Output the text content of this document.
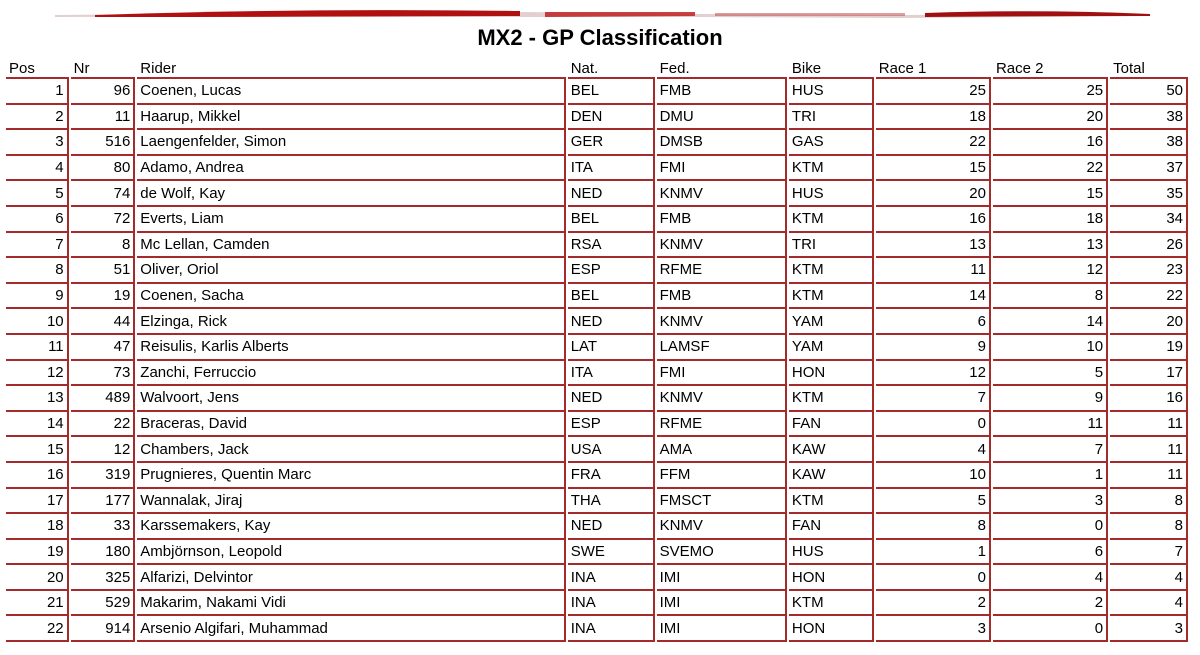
MX2 - GP Classification
Pos	Nr	Rider	Nat.	Fed.	Bike	Race 1	Race 2	Total
1	96	Coenen, Lucas	BEL	FMB	HUS	25	25	50
2	11	Haarup, Mikkel	DEN	DMU	TRI	18	20	38
3	516	Laengenfelder, Simon	GER	DMSB	GAS	22	16	38
4	80	Adamo, Andrea	ITA	FMI	KTM	15	22	37
5	74	de Wolf, Kay	NED	KNMV	HUS	20	15	35
6	72	Everts, Liam	BEL	FMB	KTM	16	18	34
7	8	Mc Lellan, Camden	RSA	KNMV	TRI	13	13	26
8	51	Oliver, Oriol	ESP	RFME	KTM	11	12	23
9	19	Coenen, Sacha	BEL	FMB	KTM	14	8	22
10	44	Elzinga, Rick	NED	KNMV	YAM	6	14	20
11	47	Reisulis, Karlis Alberts	LAT	LAMSF	YAM	9	10	19
12	73	Zanchi, Ferruccio	ITA	FMI	HON	12	5	17
13	489	Walvoort, Jens	NED	KNMV	KTM	7	9	16
14	22	Braceras, David	ESP	RFME	FAN	0	11	11
15	12	Chambers, Jack	USA	AMA	KAW	4	7	11
16	319	Prugnieres, Quentin Marc	FRA	FFM	KAW	10	1	11
17	177	Wannalak, Jiraj	THA	FMSCT	KTM	5	3	8
18	33	Karssemakers, Kay	NED	KNMV	FAN	8	0	8
19	180	Ambjörnson, Leopold	SWE	SVEMO	HUS	1	6	7
20	325	Alfarizi, Delvintor	INA	IMI	HON	0	4	4
21	529	Makarim, Nakami Vidi	INA	IMI	KTM	2	2	4
22	914	Arsenio Algifari, Muhammad	INA	IMI	HON	3	0	3
